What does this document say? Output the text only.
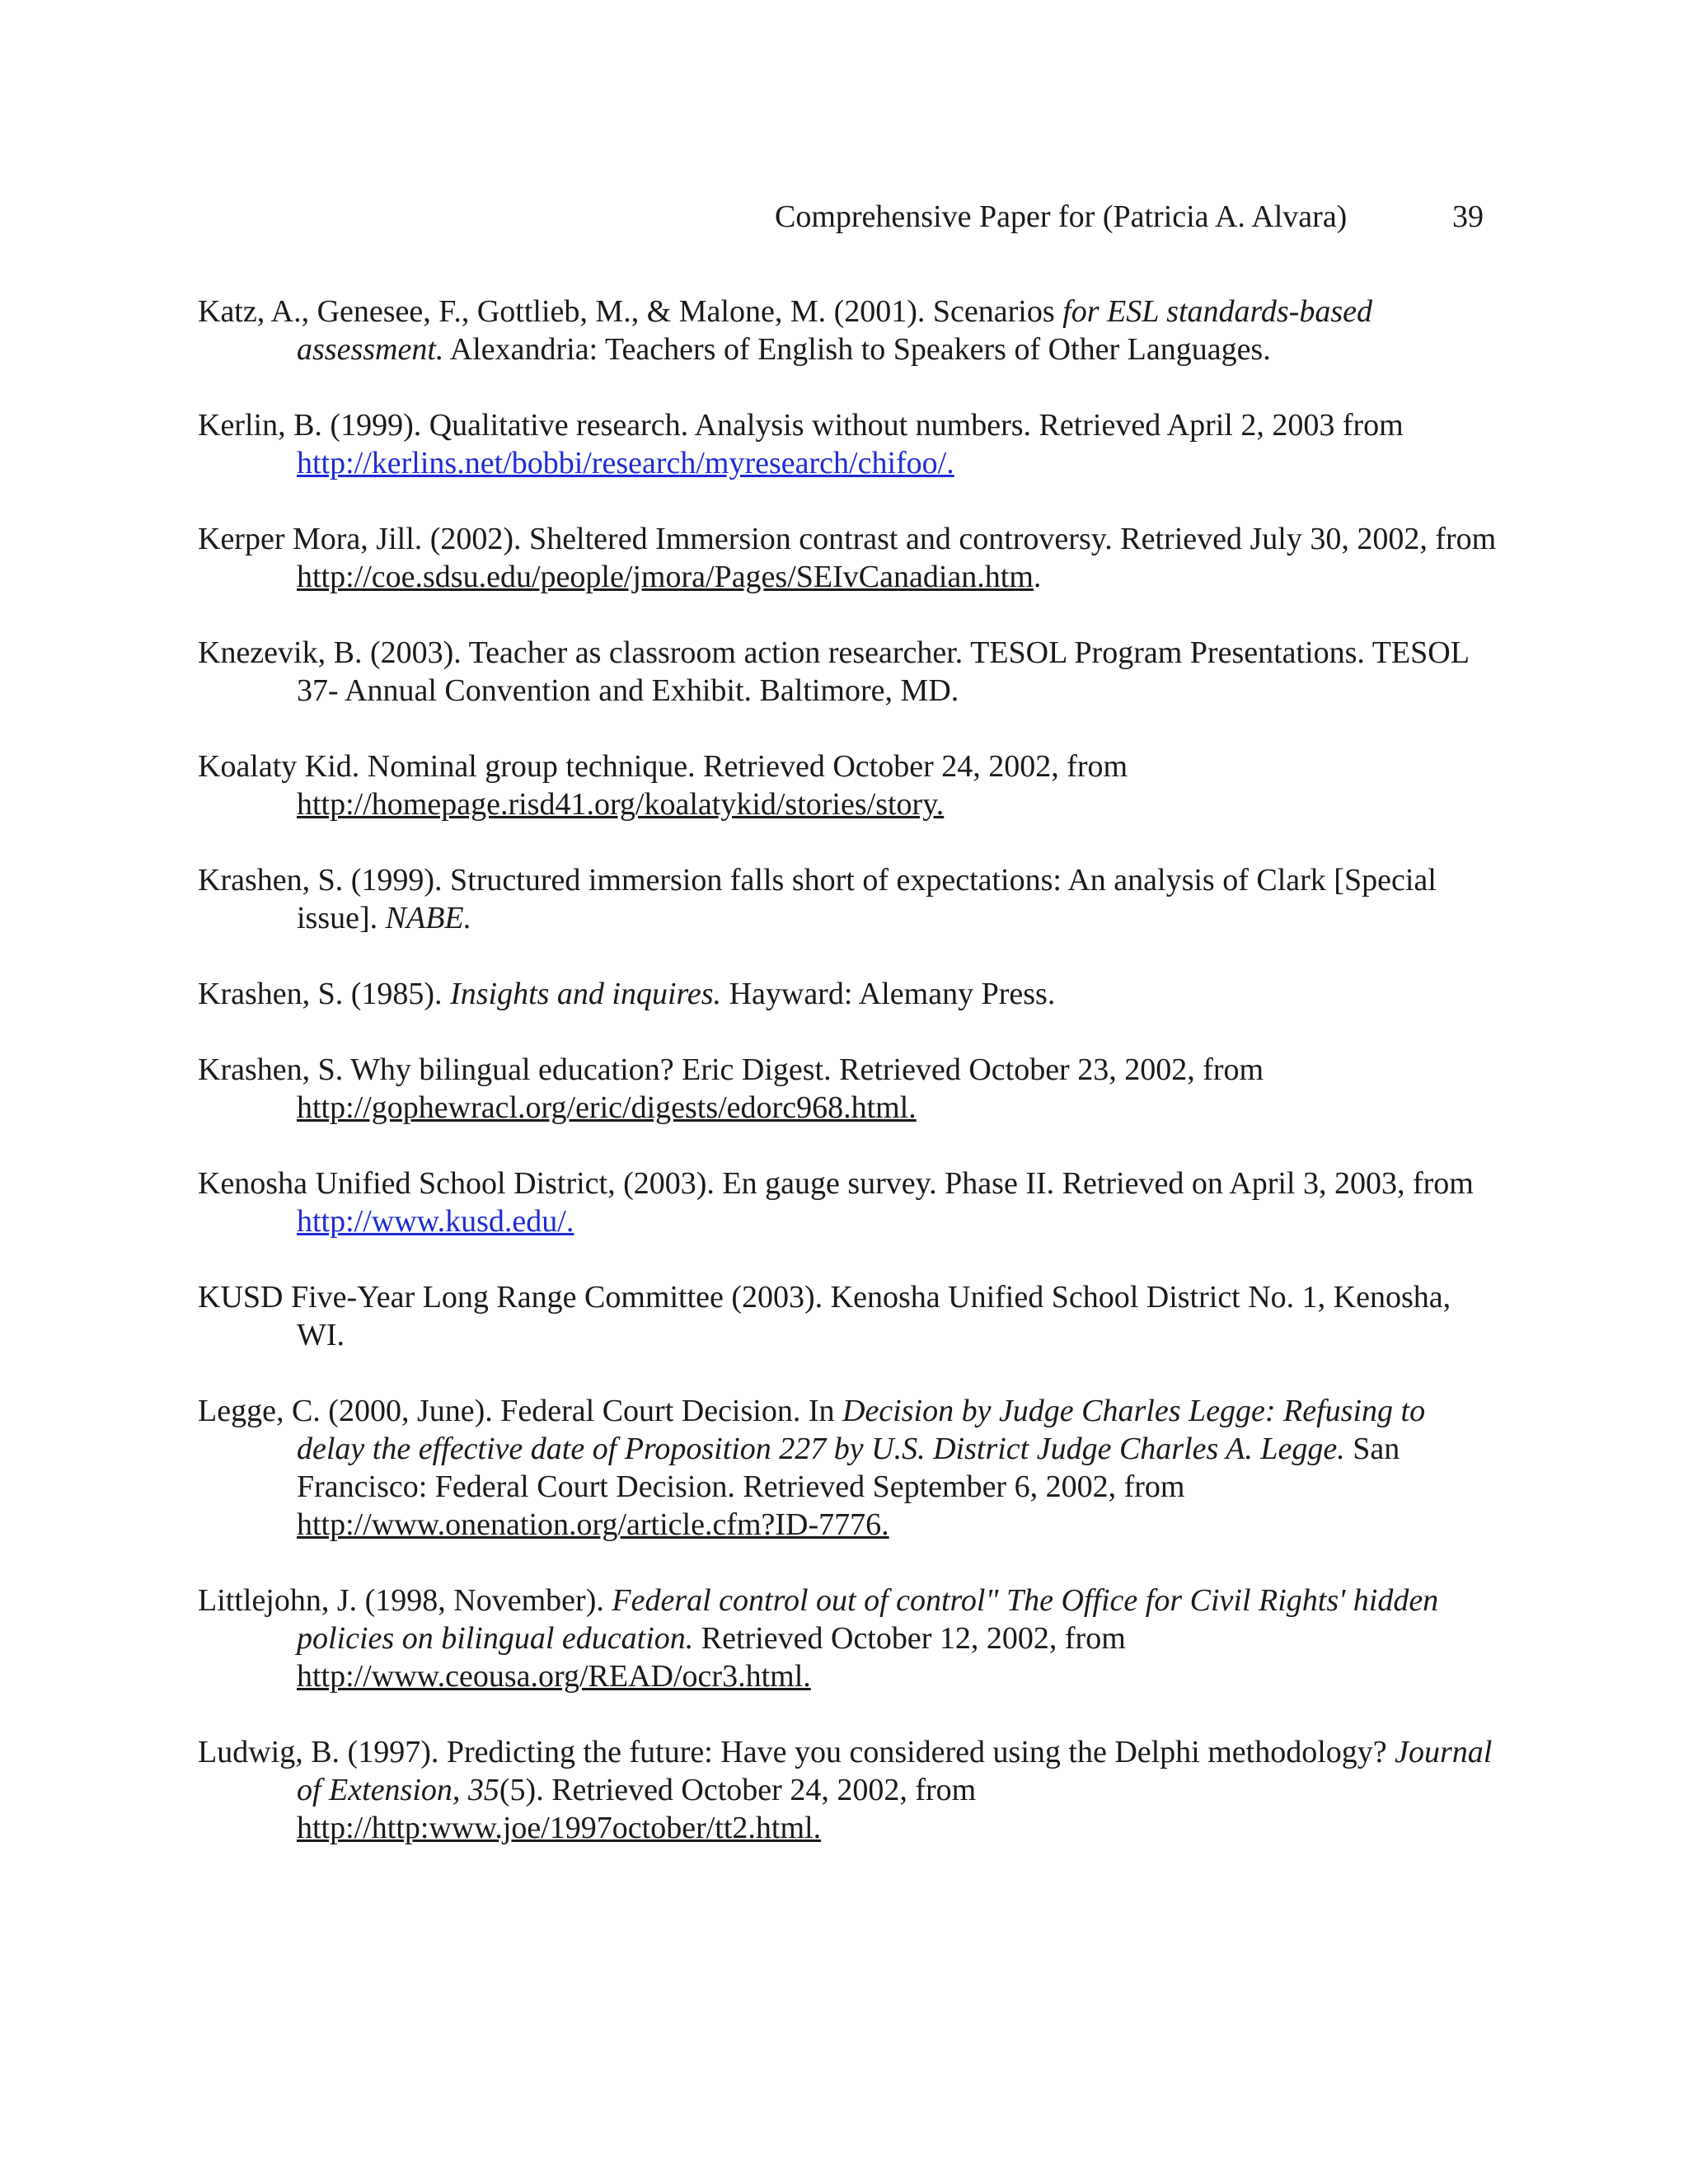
Comprehensive Paper for (Patricia A. Alvara)	39

Katz, A., Genesee, F., Gottlieb, M., & Malone, M. (2001). Scenarios for ESL standards-based assessment. Alexandria: Teachers of English to Speakers of Other Languages.

Kerlin, B. (1999). Qualitative research. Analysis without numbers. Retrieved April 2, 2003 from http://kerlins.net/bobbi/research/myresearch/chifoo/.

Kerper Mora, Jill. (2002). Sheltered Immersion contrast and controversy. Retrieved July 30, 2002, from http://coe.sdsu.edu/people/jmora/Pages/SEIvCanadian.htm.

Knezevik, B. (2003). Teacher as classroom action researcher. TESOL Program Presentations. TESOL 37- Annual Convention and Exhibit. Baltimore, MD.

Koalaty Kid. Nominal group technique. Retrieved October 24, 2002, from http://homepage.risd41.org/koalatykid/stories/story.

Krashen, S. (1999). Structured immersion falls short of expectations: An analysis of Clark [Special issue]. NABE.

Krashen, S. (1985). Insights and inquires. Hayward: Alemany Press.

Krashen, S. Why bilingual education? Eric Digest. Retrieved October 23, 2002, from http://gophewracl.org/eric/digests/edorc968.html.

Kenosha Unified School District, (2003). En gauge survey. Phase II. Retrieved on April 3, 2003, from http://www.kusd.edu/.

KUSD Five-Year Long Range Committee (2003). Kenosha Unified School District No. 1, Kenosha, WI.

Legge, C. (2000, June). Federal Court Decision. In Decision by Judge Charles Legge: Refusing to delay the effective date of Proposition 227 by U.S. District Judge Charles A. Legge. San Francisco: Federal Court Decision. Retrieved September 6, 2002, from http://www.onenation.org/article.cfm?ID-7776.

Littlejohn, J. (1998, November). Federal control out of control" The Office for Civil Rights' hidden policies on bilingual education. Retrieved October 12, 2002, from http://www.ceousa.org/READ/ocr3.html.

Ludwig, B. (1997). Predicting the future: Have you considered using the Delphi methodology? Journal of Extension, 35(5). Retrieved October 24, 2002, from http://http:www.joe/1997october/tt2.html.
